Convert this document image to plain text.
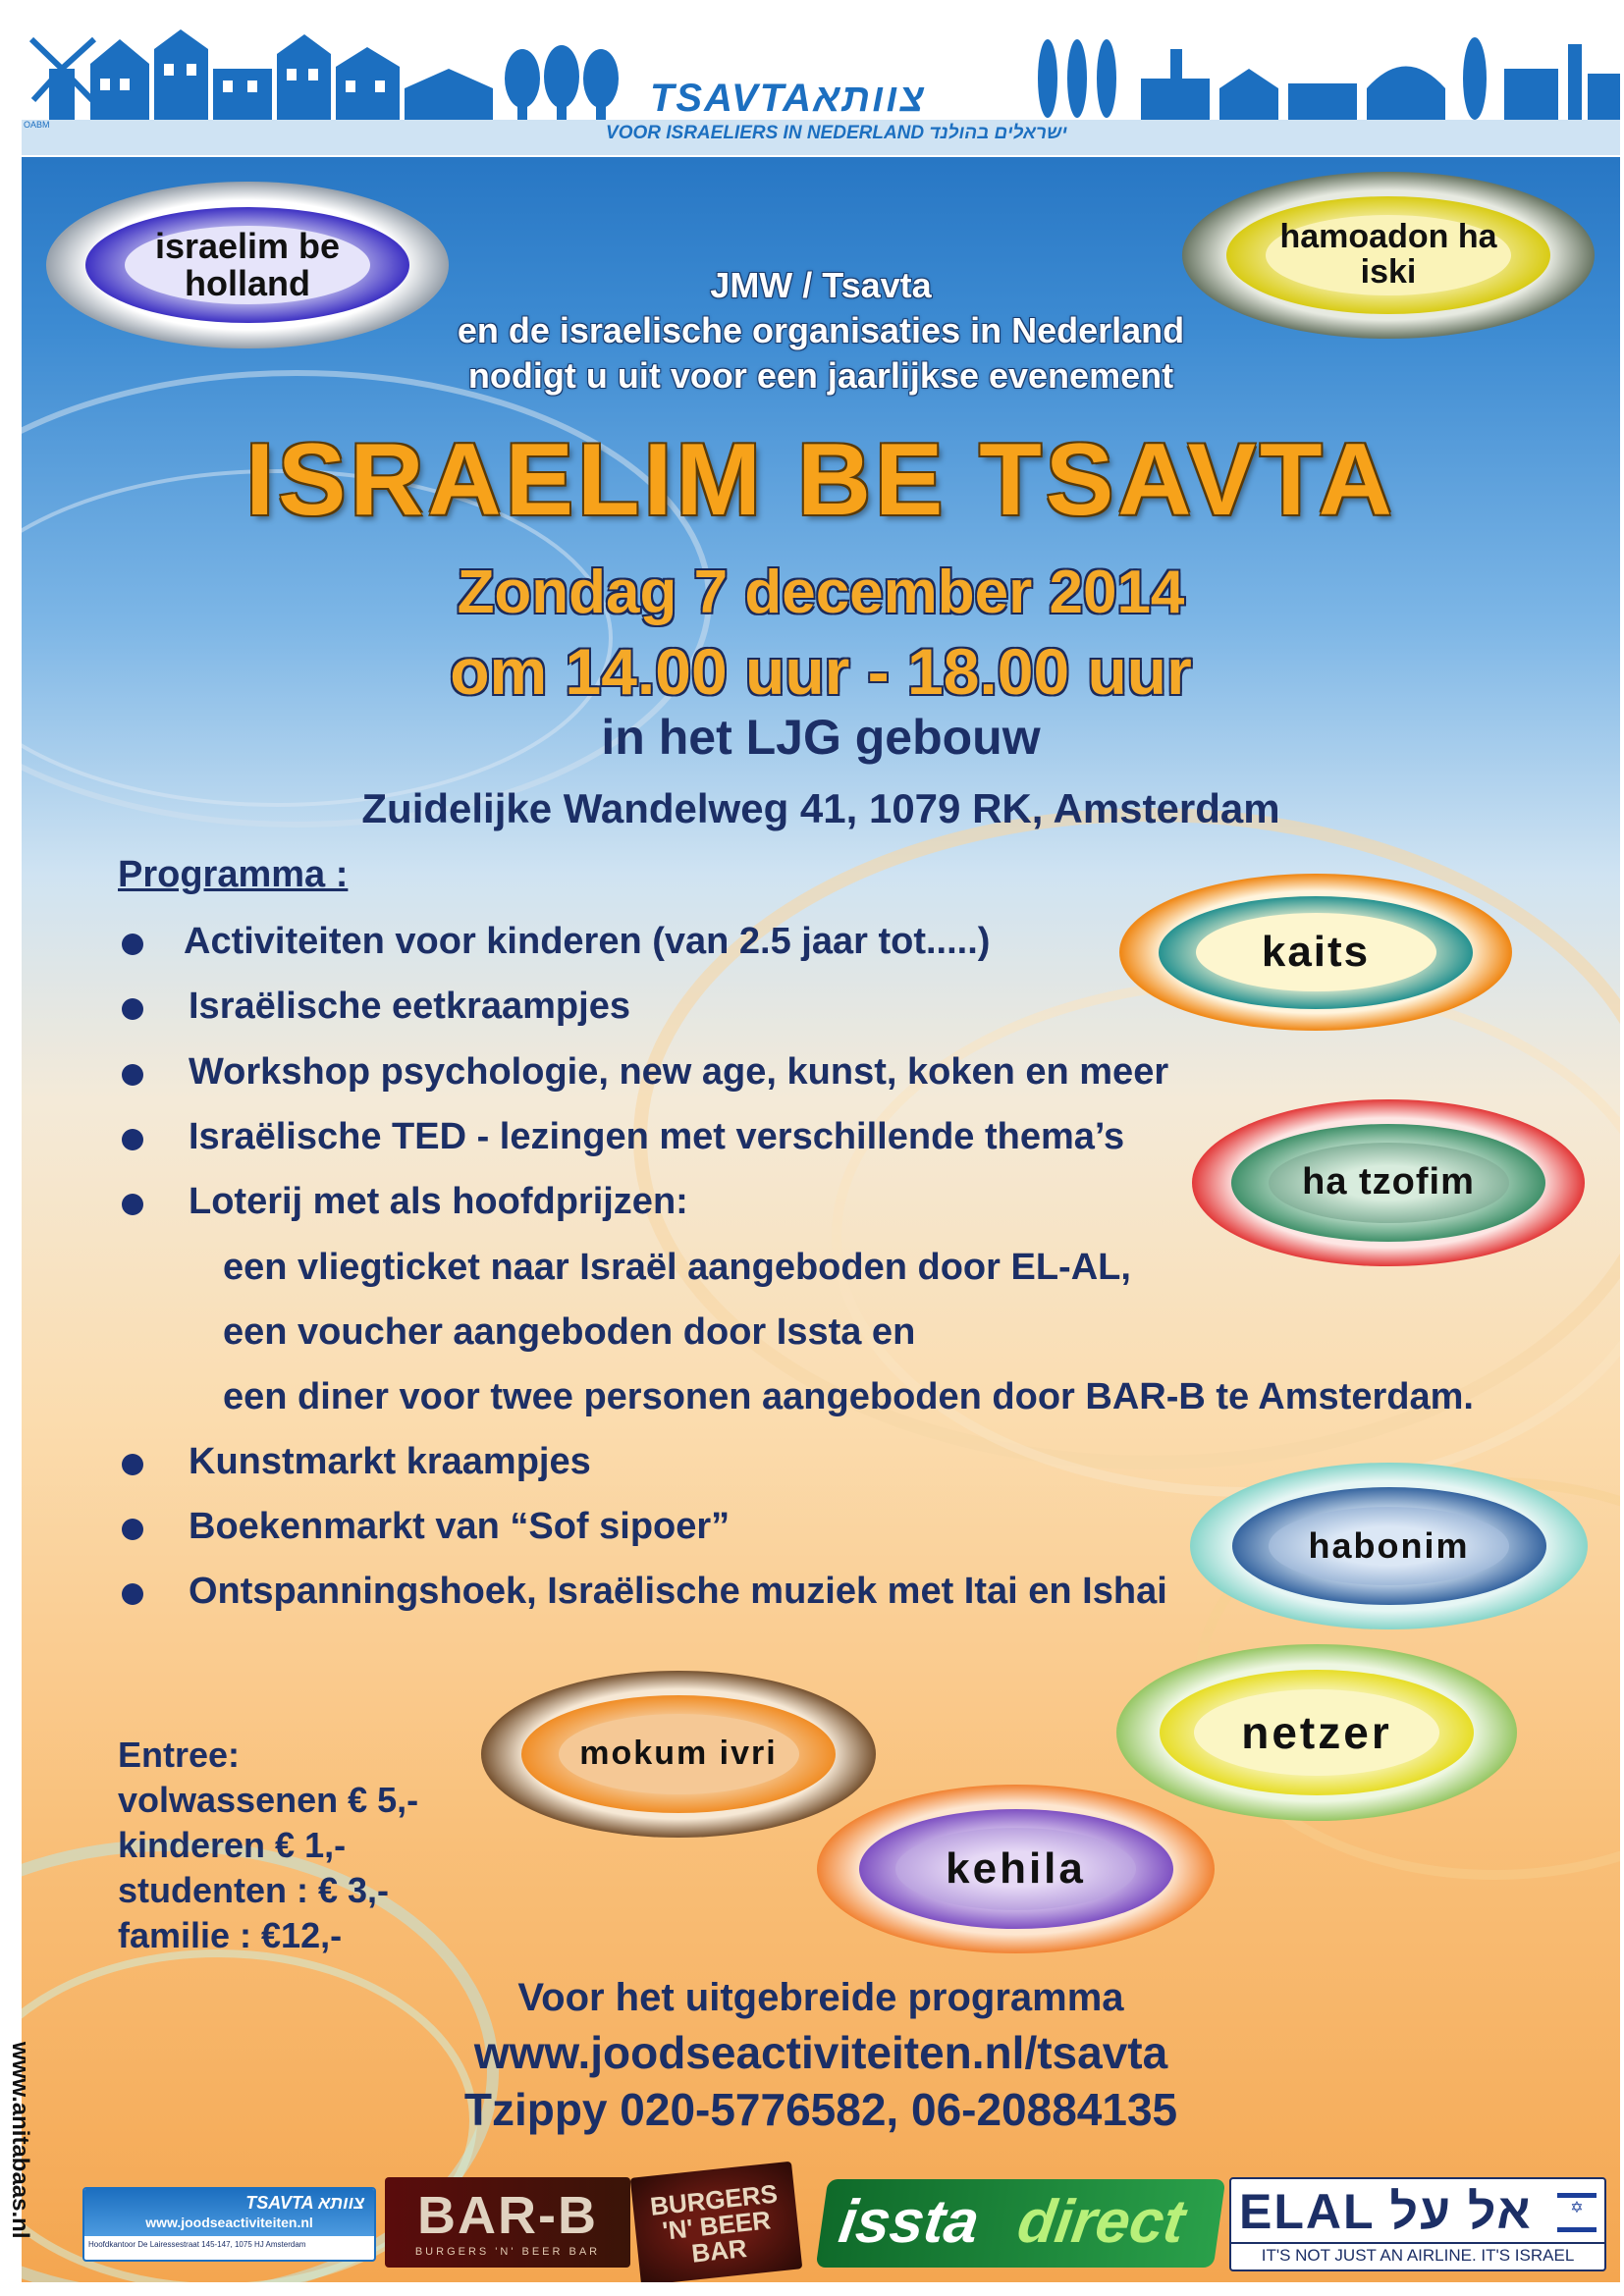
TSAVTAצוותא
VOOR ISRAELIERS IN NEDERLAND ישראלים בהולנד
OABM
israelim be holland
hamoadon ha iski
JMW / Tsavta
en de israelische organisaties in Nederland
nodigt u uit voor een jaarlijkse evenement
ISRAELIM BE TSAVTA
Zondag 7 december 2014
om 14.00 uur - 18.00 uur
in het LJG gebouw
Zuidelijke Wandelweg 41, 1079 RK, Amsterdam
Programma :
Activiteiten voor kinderen (van 2.5 jaar tot.....)
Israëlische eetkraampjes
Workshop psychologie, new age, kunst, koken en meer
Israëlische TED - lezingen met verschillende thema’s
Loterij met als hoofdprijzen:
een vliegticket naar Israël aangeboden door EL-AL,
een voucher aangeboden door Issta en
een diner voor twee personen aangeboden door BAR-B te Amsterdam.
Kunstmarkt kraampjes
Boekenmarkt van “Sof sipoer”
Ontspanningshoek, Israëlische muziek met Itai en Ishai
kaits
ha tzofim
habonim
netzer
mokum ivri
kehila
Entree:
volwassenen € 5,-
kinderen € 1,-
studenten : € 3,-
familie : €12,-
Voor het uitgebreide programma
www.joodseactiviteiten.nl/tsavta
Tzippy 020-5776582, 06-20884135
TSAVTA צוותא
www.joodseactiviteiten.nl
Hoofdkantoor De Lairessestraat 145-147, 1075 HJ Amsterdam	BAR-B
BURGERS 'N' BEER BAR
BURGERS 'N' BEER BAR	issta direct ELAL אל על	✡
IT'S NOT JUST AN AIRLINE. IT'S ISRAEL
www.anitabaas.nl
